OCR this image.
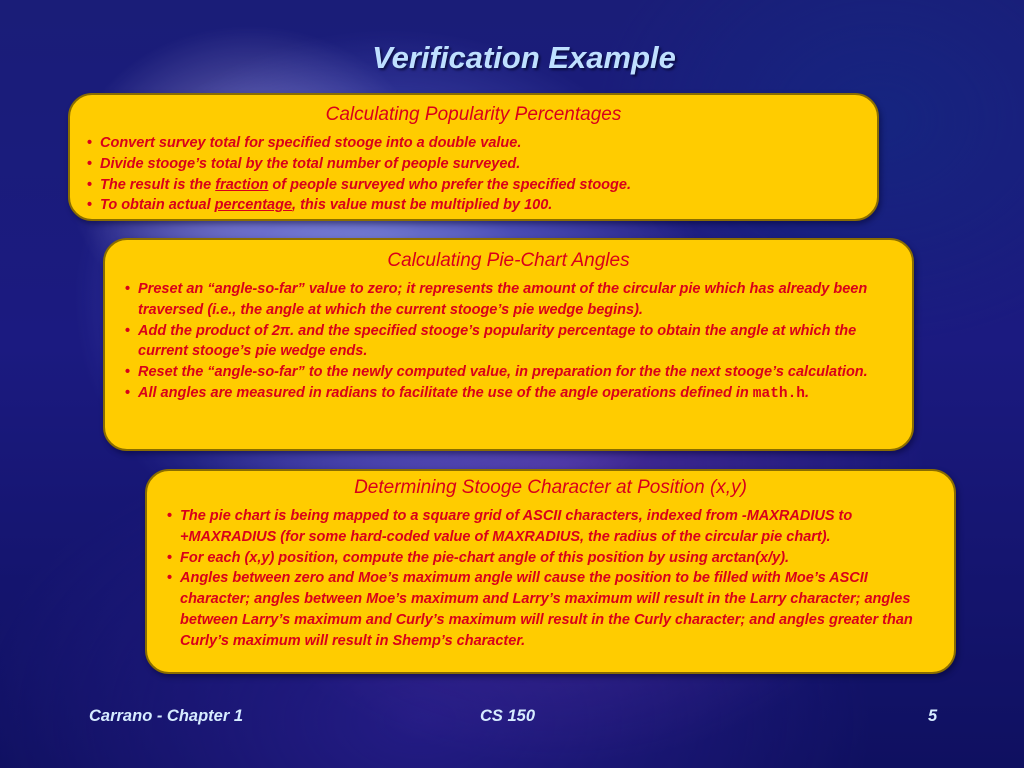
Verification Example
Calculating Popularity Percentages
• Convert survey total for specified stooge into a double value.
• Divide stooge’s total by the total number of people surveyed.
• The result is the fraction of people surveyed who prefer the specified stooge.
• To obtain actual percentage, this value must be multiplied by 100.
Calculating Pie-Chart Angles
• Preset an “angle-so-far” value to zero; it represents the amount of the circular pie which has already been traversed (i.e., the angle at which the current stooge’s pie wedge begins).
• Add the product of 2π. and the specified stooge’s popularity percentage to obtain the angle at which the current stooge’s pie wedge ends.
• Reset the “angle-so-far” to the newly computed value, in preparation for the the next stooge’s calculation.
• All angles are measured in radians to facilitate the use of the angle operations defined in math.h.
Determining Stooge Character at Position (x,y)
• The pie chart is being mapped to a square grid of ASCII characters, indexed from -MAXRADIUS to +MAXRADIUS (for some hard-coded value of MAXRADIUS, the radius of the circular pie chart).
• For each (x,y) position, compute the pie-chart angle of this position by using arctan(x/y).
• Angles between zero and Moe’s maximum angle will cause the position to be filled with Moe’s ASCII character; angles between Moe’s maximum and Larry’s maximum will result in the Larry character; angles between Larry’s maximum and Curly’s maximum will result in the Curly character; and angles greater than Curly’s maximum will result in Shemp’s character.
Carrano - Chapter 1	CS 150	5
